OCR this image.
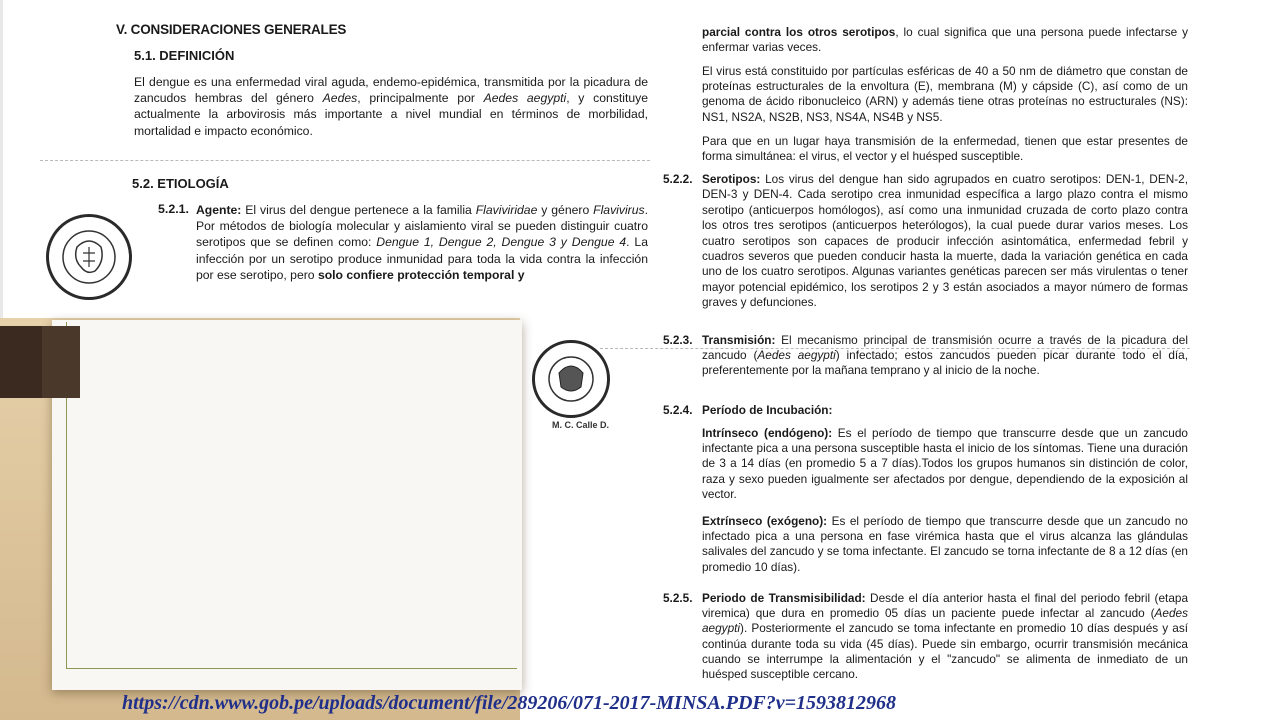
V. CONSIDERACIONES GENERALES
5.1. DEFINICIÓN
El dengue es una enfermedad viral aguda, endemo-epidémica, transmitida por la picadura de zancudos hembras del género Aedes, principalmente por Aedes aegypti, y constituye actualmente la arbovirosis más importante a nivel mundial en términos de morbilidad, mortalidad e impacto económico.
5.2. ETIOLOGÍA
5.2.1. Agente: El virus del dengue pertenece a la familia Flaviviridae y género Flavivirus. Por métodos de biología molecular y aislamiento viral se pueden distinguir cuatro serotipos que se definen como: Dengue 1, Dengue 2, Dengue 3 y Dengue 4. La infección por un serotipo produce inmunidad para toda la vida contra la infección por ese serotipo, pero solo confiere protección temporal y
parcial contra los otros serotipos, lo cual significa que una persona puede infectarse y enfermar varias veces.
El virus está constituido por partículas esféricas de 40 a 50 nm de diámetro que constan de proteínas estructurales de la envoltura (E), membrana (M) y cápside (C), así como de un genoma de ácido ribonucleico (ARN) y además tiene otras proteínas no estructurales (NS): NS1, NS2A, NS2B, NS3, NS4A, NS4B y NS5.
Para que en un lugar haya transmisión de la enfermedad, tienen que estar presentes de forma simultánea: el virus, el vector y el huésped susceptible.
5.2.2. Serotipos: Los virus del dengue han sido agrupados en cuatro serotipos: DEN-1, DEN-2, DEN-3 y DEN-4. Cada serotipo crea inmunidad específica a largo plazo contra el mismo serotipo (anticuerpos homólogos), así como una inmunidad cruzada de corto plazo contra los otros tres serotipos (anticuerpos heterólogos), la cual puede durar varios meses. Los cuatro serotipos son capaces de producir infección asintomática, enfermedad febril y cuadros severos que pueden conducir hasta la muerte, dada la variación genética en cada uno de los cuatro serotipos. Algunas variantes genéticas parecen ser más virulentas o tener mayor potencial epidémico, los serotipos 2 y 3 están asociados a mayor número de formas graves y defunciones.
5.2.3. Transmisión: El mecanismo principal de transmisión ocurre a través de la picadura del zancudo (Aedes aegypti) infectado; estos zancudos pueden picar durante todo el día, preferentemente por la mañana temprano y al inicio de la noche.
5.2.4. Período de Incubación:
Intrínseco (endógeno): Es el período de tiempo que transcurre desde que un zancudo infectante pica a una persona susceptible hasta el inicio de los síntomas. Tiene una duración de 3 a 14 días (en promedio 5 a 7 días).Todos los grupos humanos sin distinción de color, raza y sexo pueden igualmente ser afectados por dengue, dependiendo de la exposición al vector.
Extrínseco (exógeno): Es el período de tiempo que transcurre desde que un zancudo no infectado pica a una persona en fase virémica hasta que el virus alcanza las glándulas salivales del zancudo y se toma infectante. El zancudo se torna infectante de 8 a 12 días (en promedio 10 días).
5.2.5. Periodo de Transmisibilidad: Desde el día anterior hasta el final del periodo febril (etapa viremica) que dura en promedio 05 días un paciente puede infectar al zancudo (Aedes aegypti). Posteriormente el zancudo se toma infectante en promedio 10 días después y así continúa durante toda su vida (45 días). Puede sin embargo, ocurrir transmisión mecánica cuando se interrumpe la alimentación y el "zancudo" se alimenta de inmediato de un huésped susceptible cercano.
M. C. Calle D.
https://cdn.www.gob.pe/uploads/document/file/289206/071-2017-MINSA.PDF?v=1593812968
